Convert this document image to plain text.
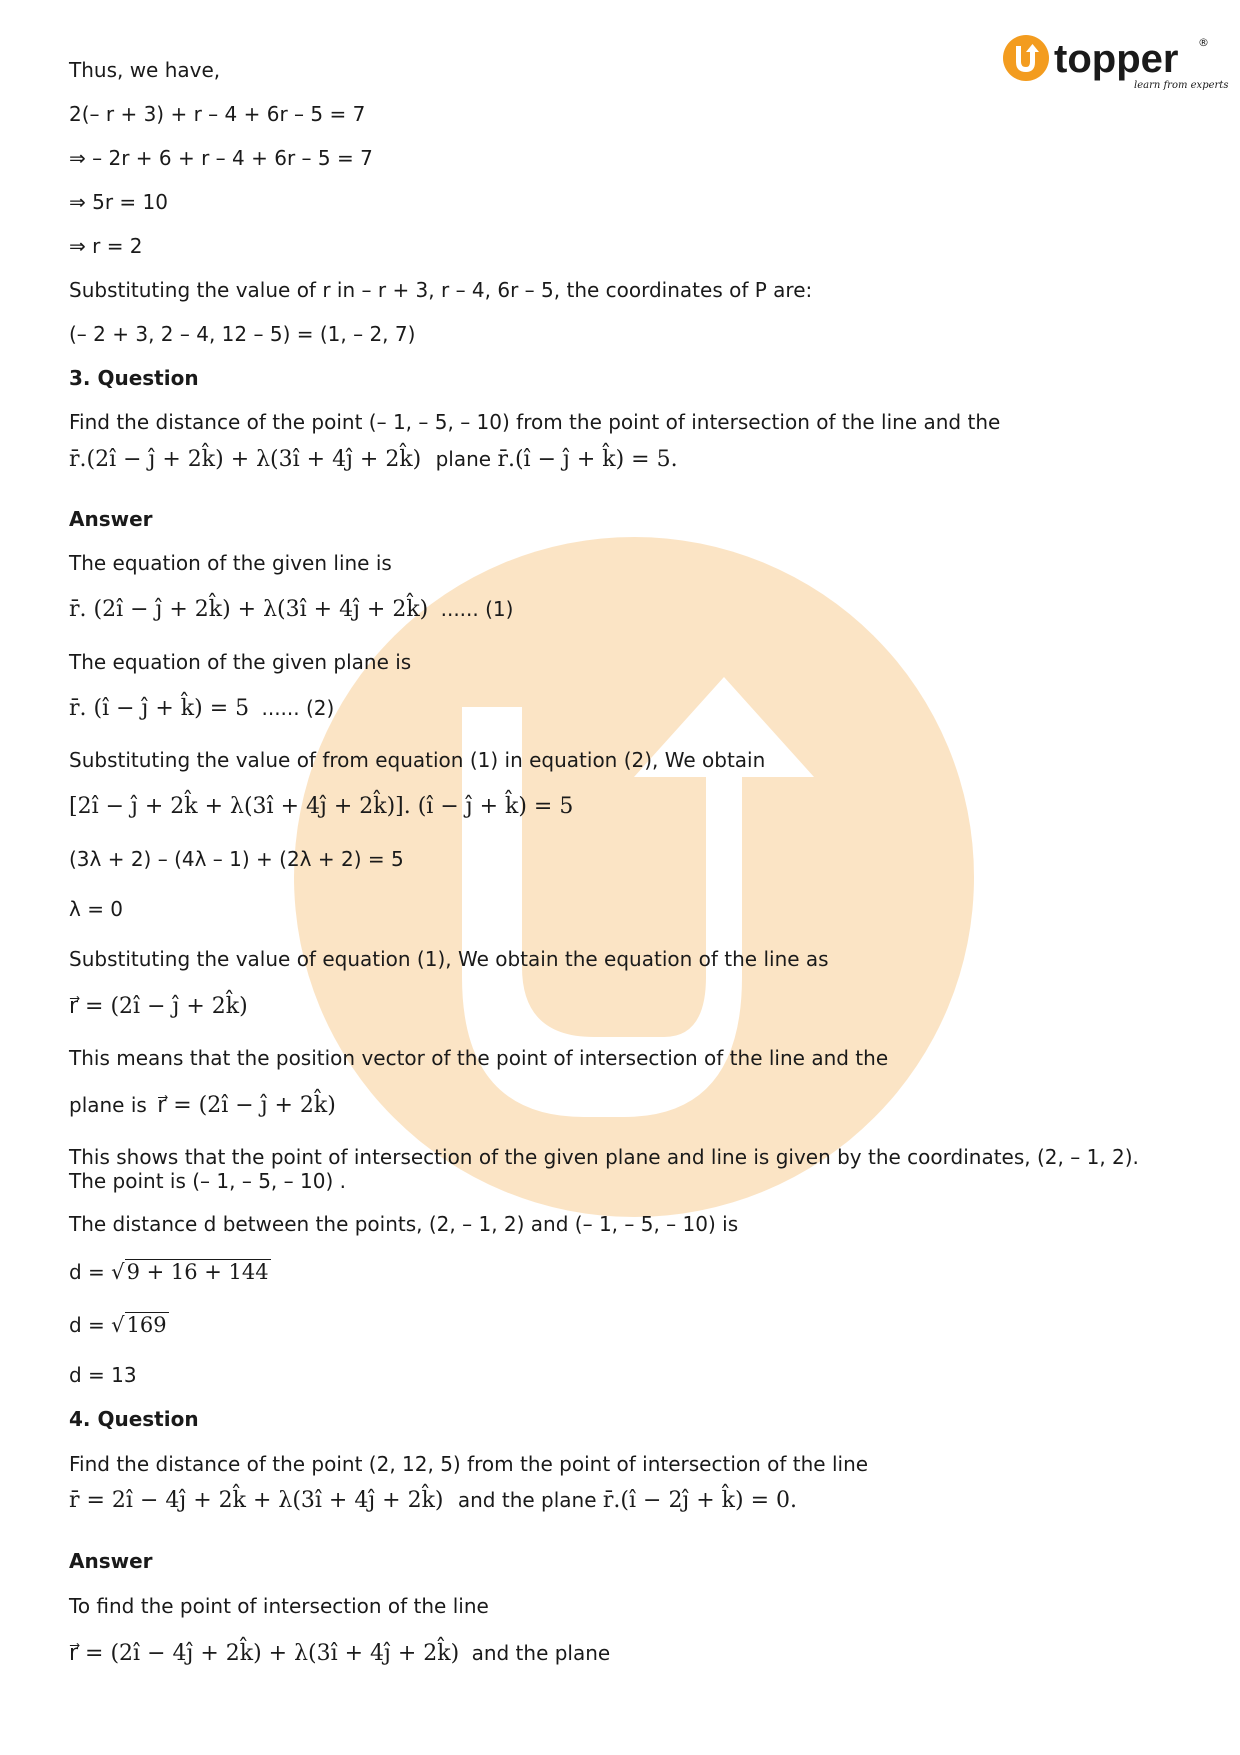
topper ®
learn from experts
Thus, we have,
2(– r + 3) + r – 4 + 6r – 5 = 7
⇒ – 2r + 6 + r – 4 + 6r – 5 = 7
⇒ 5r = 10
⇒ r = 2
Substituting the value of r in – r + 3, r – 4, 6r – 5, the coordinates of P are:
(– 2 + 3, 2 – 4, 12 – 5) = (1, – 2, 7)
3. Question
Find the distance of the point (– 1, – 5, – 10) from the point of intersection of the line and the
r̄.(2î − ĵ + 2k̂) + λ(3î + 4ĵ + 2k̂) plane r̄.(î − ĵ + k̂) = 5.
Answer
The equation of the given line is
r̄. (2î − ĵ + 2k̂) + λ(3î + 4ĵ + 2k̂) ...... (1)
The equation of the given plane is
r̄. (î − ĵ + k̂) = 5 ...... (2)
Substituting the value of from equation (1) in equation (2), We obtain
[2î − ĵ + 2k̂ + λ(3î + 4ĵ + 2k̂)]. (î − ĵ + k̂) = 5
(3λ + 2) – (4λ – 1) + (2λ + 2) = 5
λ = 0
Substituting the value of equation (1), We obtain the equation of the line as
r⃗ = (2î − ĵ + 2k̂)
This means that the position vector of the point of intersection of the line and the
plane is r⃗ = (2î − ĵ + 2k̂)
This shows that the point of intersection of the given plane and line is given by the coordinates, (2, – 1, 2). The point is (– 1, – 5, – 10) .
The distance d between the points, (2, – 1, 2) and (– 1, – 5, – 10) is
d = √9 + 16 + 144
d = √169
d = 13
4. Question
Find the distance of the point (2, 12, 5) from the point of intersection of the line
r̄ = 2î − 4ĵ + 2k̂ + λ(3î + 4ĵ + 2k̂) and the plane r̄.(î − 2ĵ + k̂) = 0.
Answer
To find the point of intersection of the line
r⃗ = (2î − 4ĵ + 2k̂) + λ(3î + 4ĵ + 2k̂) and the plane
